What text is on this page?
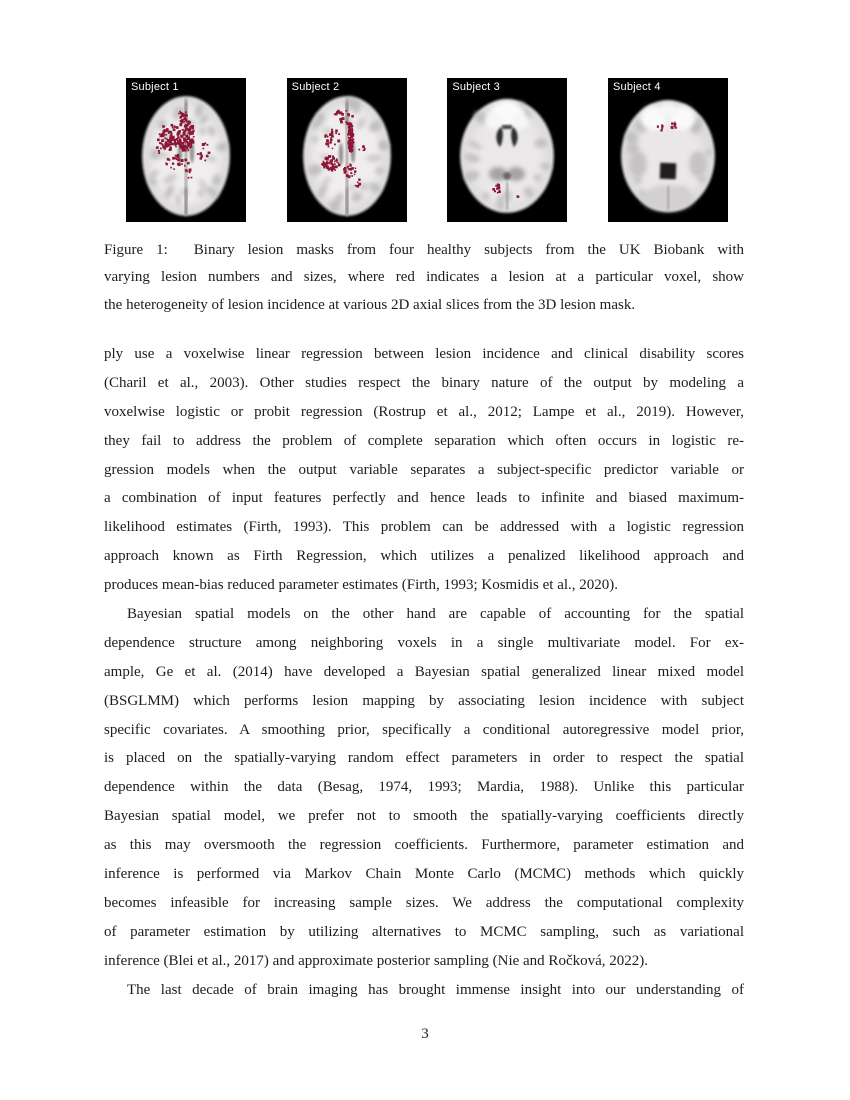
Subject 1	Subject 2	Subject 3	Subject 4
Figure 1:  Binary lesion masks from four healthy subjects from the UK Biobank with
varying lesion numbers and sizes, where red indicates a lesion at a particular voxel, show
the heterogeneity of lesion incidence at various 2D axial slices from the 3D lesion mask.
ply use a voxelwise linear regression between lesion incidence and clinical disability scores
(Charil et al., 2003). Other studies respect the binary nature of the output by modeling a
voxelwise logistic or probit regression (Rostrup et al., 2012; Lampe et al., 2019). However,
they fail to address the problem of complete separation which often occurs in logistic re-
gression models when the output variable separates a subject-specific predictor variable or
a combination of input features perfectly and hence leads to infinite and biased maximum-
likelihood estimates (Firth, 1993). This problem can be addressed with a logistic regression
approach known as Firth Regression, which utilizes a penalized likelihood approach and
produces mean-bias reduced parameter estimates (Firth, 1993; Kosmidis et al., 2020).
Bayesian spatial models on the other hand are capable of accounting for the spatial
dependence structure among neighboring voxels in a single multivariate model. For ex-
ample, Ge et al. (2014) have developed a Bayesian spatial generalized linear mixed model
(BSGLMM) which performs lesion mapping by associating lesion incidence with subject
specific covariates. A smoothing prior, specifically a conditional autoregressive model prior,
is placed on the spatially-varying random effect parameters in order to respect the spatial
dependence within the data (Besag, 1974, 1993; Mardia, 1988). Unlike this particular
Bayesian spatial model, we prefer not to smooth the spatially-varying coefficients directly
as this may oversmooth the regression coefficients. Furthermore, parameter estimation and
inference is performed via Markov Chain Monte Carlo (MCMC) methods which quickly
becomes infeasible for increasing sample sizes. We address the computational complexity
of parameter estimation by utilizing alternatives to MCMC sampling, such as variational
inference (Blei et al., 2017) and approximate posterior sampling (Nie and Ročková, 2022).
The last decade of brain imaging has brought immense insight into our understanding of
3
